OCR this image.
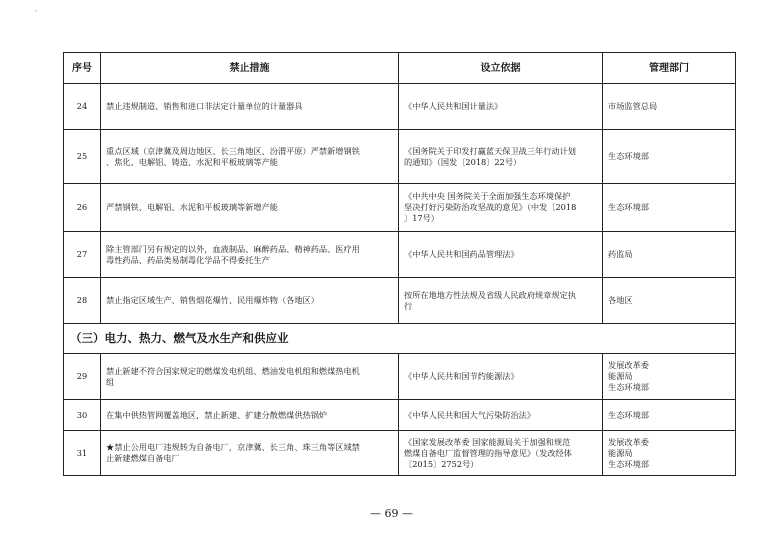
ˇ
序号	禁止措施	设立依据	管理部门
24	禁止违规制造、销售和进口非法定计量单位的计量器具	《中华人民共和国计量法》	市场监管总局

25	重点区域（京津冀及周边地区、长三角地区、汾渭平原）严禁新增钢铁
、焦化、电解铝、铸造、水泥和平板玻璃等产能	《国务院关于印发打赢蓝天保卫战三年行动计划
的通知》（国发〔2018〕22号）	生态环境部

26	严禁钢铁、电解铝、水泥和平板玻璃等新增产能	《中共中央 国务院关于全面加强生态环境保护
坚决打好污染防治攻坚战的意见》（中发〔2018
〕17号）	生态环境部

27	除主管部门另有规定的以外，血液制品、麻醉药品、精神药品、医疗用
毒性药品、药品类易制毒化学品不得委托生产	《中华人民共和国药品管理法》	药监局

28	禁止指定区域生产、销售烟花爆竹、民用爆炸物（各地区）	按所在地地方性法规及省级人民政府规章规定执
行	各地区

（三）电力、热力、燃气及水生产和供应业			
29	禁止新建不符合国家规定的燃煤发电机组、燃油发电机组和燃煤热电机
组	《中华人民共和国节约能源法》	发展改革委
能源局
生态环境部

30	在集中供热管网覆盖地区，禁止新建、扩建分散燃煤供热锅炉	《中华人民共和国大气污染防治法》	生态环境部

31	★禁止公用电厂违规转为自备电厂，京津冀、长三角、珠三角等区域禁
止新建燃煤自备电厂	《国家发展改革委 国家能源局关于加强和规范
燃煤自备电厂监督管理的指导意见》（发改经体
〔2015〕2752号）	发展改革委
能源局
生态环境部
— 69 —
